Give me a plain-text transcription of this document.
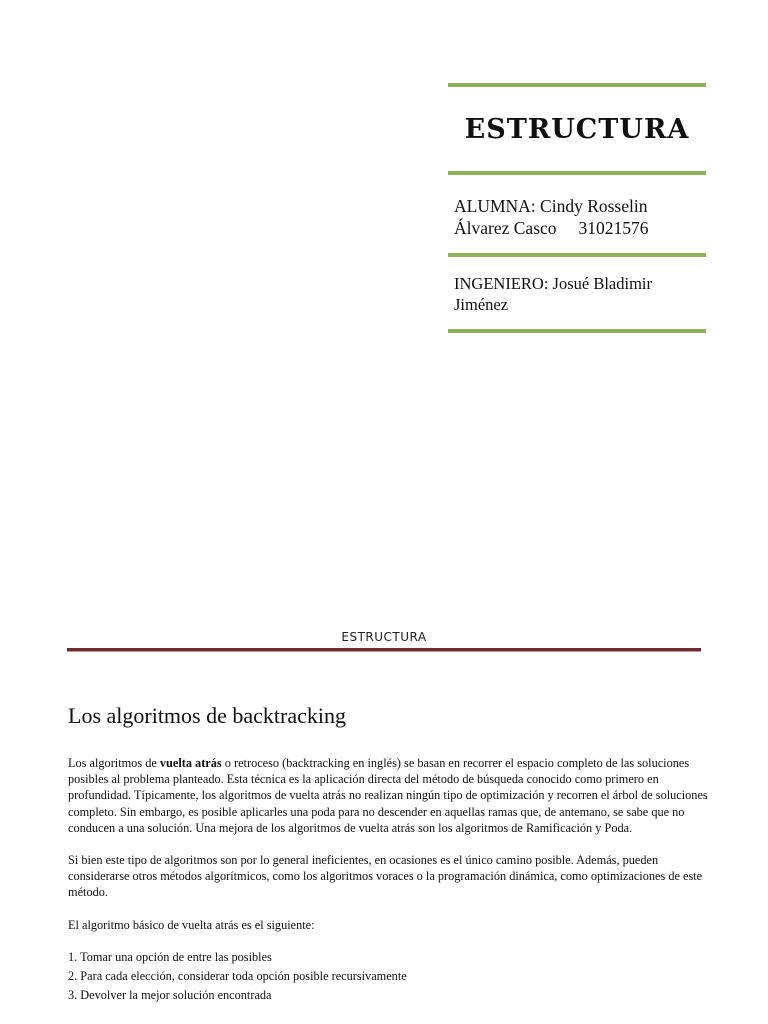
ESTRUCTURA
ALUMNA: Cindy Rosselin
Álvarez Casco 31021576
INGENIERO: Josué Bladimir
Jiménez
ESTRUCTURA
Los algoritmos de backtracking

Los algoritmos de vuelta atrás o retroceso (backtracking en inglés) se basan en recorrer el espacio completo de las soluciones posibles al problema planteado. Esta técnica es la aplicación directa del método de búsqueda conocido como primero en profundidad. Típicamente, los algoritmos de vuelta atrás no realizan ningún tipo de optimización y recorren el árbol de soluciones completo. Sin embargo, es posible aplicarles una poda para no descender en aquellas ramas que, de antemano, se sabe que no conducen a una solución. Una mejora de los algoritmos de vuelta atrás son los algoritmos de Ramificación y Poda.

Si bien este tipo de algoritmos son por lo general ineficientes, en ocasiones es el único camino posible. Además, pueden considerarse otros métodos algorítmicos, como los algoritmos voraces o la programación dinámica, como optimizaciones de este método.

El algoritmo básico de vuelta atrás es el siguiente:

1. Tomar una opción de entre las posibles
2. Para cada elección, considerar toda opción posible recursivamente
3. Devolver la mejor solución encontrada
